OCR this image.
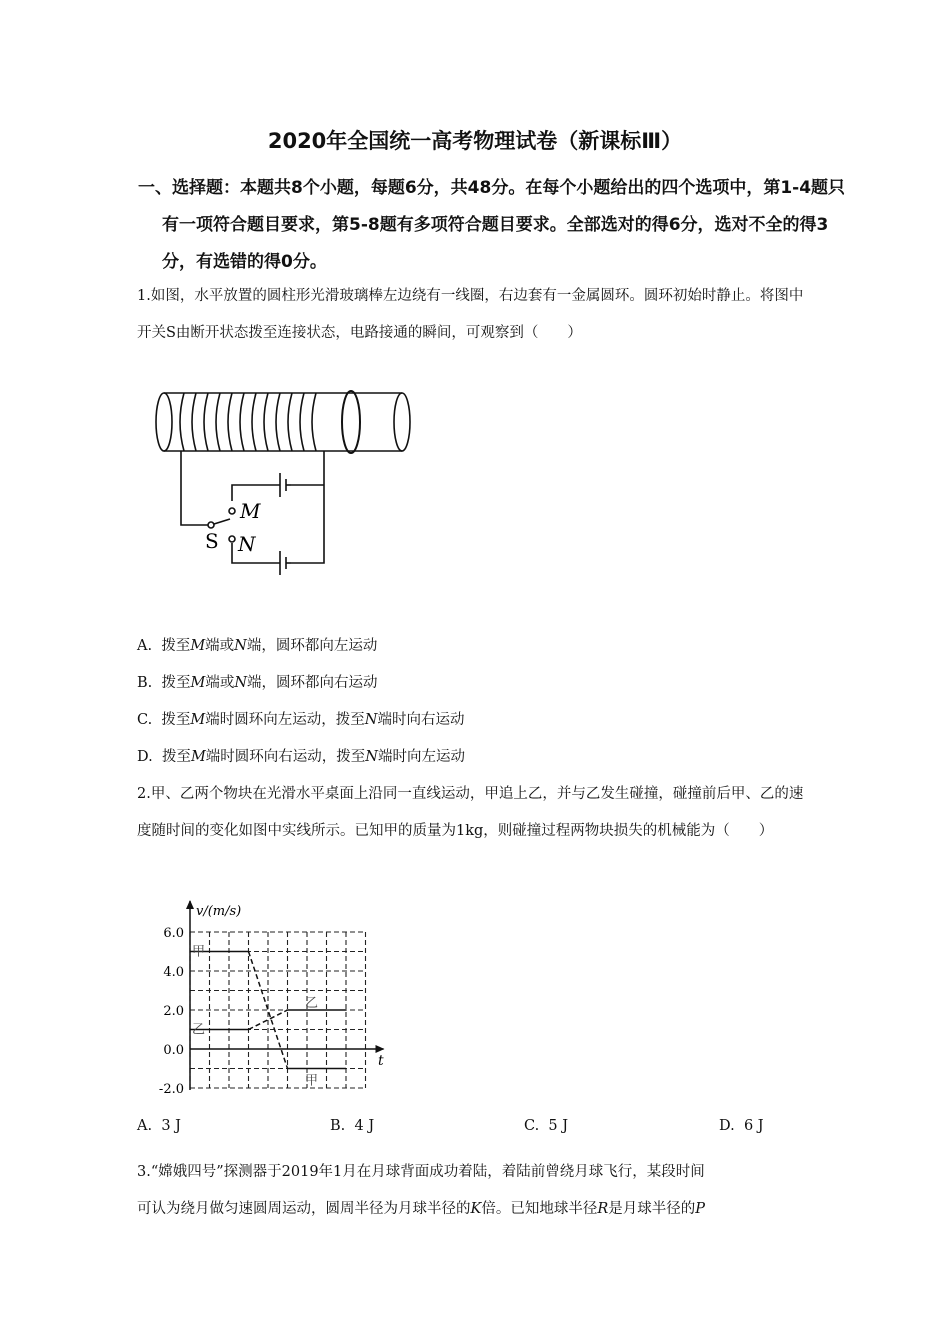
2020年全国统一高考物理试卷（新课标Ⅲ）
一、选择题：本题共8个小题，每题6分，共48分。在每个小题给出的四个选项中，第1-4题只有一项符合题目要求，第5-8题有多项符合题目要求。全部选对的得6分，选对不全的得3分，有选错的得0分。
1.如图，水平放置的圆柱形光滑玻璃棒左边绕有一线圈，右边套有一金属圆环。圆环初始时静止。将图中开关S由断开状态拨至连接状态，电路接通的瞬间，可观察到（　　）
M
N
S
A. 拨至M端或N端，圆环都向左运动
B. 拨至M端或N端，圆环都向右运动
C. 拨至M端时圆环向左运动，拨至N端时向右运动
D. 拨至M端时圆环向右运动，拨至N端时向左运动
2.甲、乙两个物块在光滑水平桌面上沿同一直线运动，甲追上乙，并与乙发生碰撞，碰撞前后甲、乙的速度随时间的变化如图中实线所示。已知甲的质量为1kg，则碰撞过程两物块损失的机械能为（　　）
6.0
4.0
2.0
0.0
-2.0
甲
乙
乙
甲
v/(m/s)
t
A. 3 J	B. 4 J	C. 5 J	D. 6 J
3.“嫦娥四号”探测器于2019年1月在月球背面成功着陆，着陆前曾绕月球飞行，某段时间
可认为绕月做匀速圆周运动，圆周半径为月球半径的K倍。已知地球半径R是月球半径的P
